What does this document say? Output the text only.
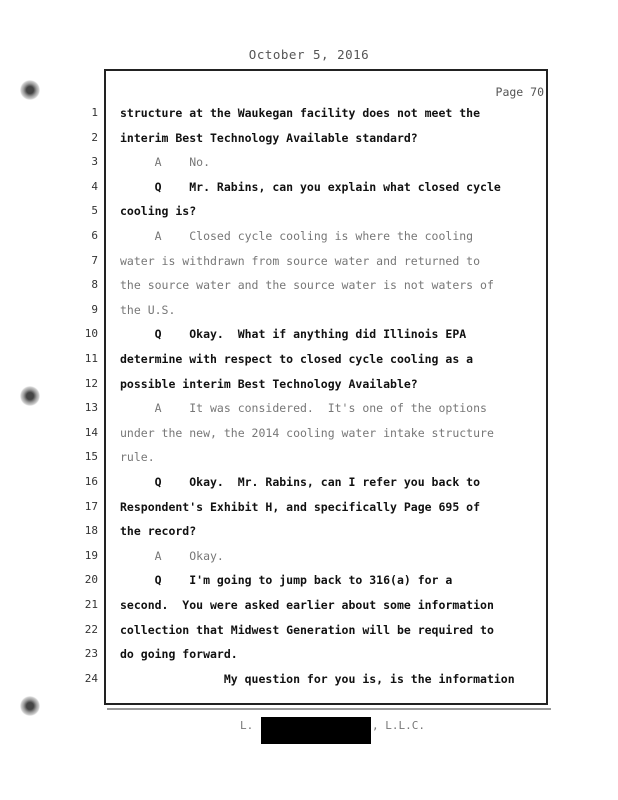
October 5, 2016
Page 70
1
2
3
4
5
6
7
8
9
10
11
12
13
14
15
16
17
18
19
20
21
22
23
24
structure at the Waukegan facility does not meet the
interim Best Technology Available standard?
A    No.
Q    Mr. Rabins, can you explain what closed cycle
cooling is?
A    Closed cycle cooling is where the cooling
water is withdrawn from source water and returned to
the source water and the source water is not waters of
the U.S.
Q    Okay.  What if anything did Illinois EPA
determine with respect to closed cycle cooling as a
possible interim Best Technology Available?
A    It was considered.  It's one of the options
under the new, the 2014 cooling water intake structure
rule.
Q    Okay.  Mr. Rabins, can I refer you back to
Respondent's Exhibit H, and specifically Page 695 of
the record?
A    Okay.
Q    I'm going to jump back to 316(a) for a
second.  You were asked earlier about some information
collection that Midwest Generation will be required to
do going forward.
My question for you is, is the information
L.	, L.L.C.
